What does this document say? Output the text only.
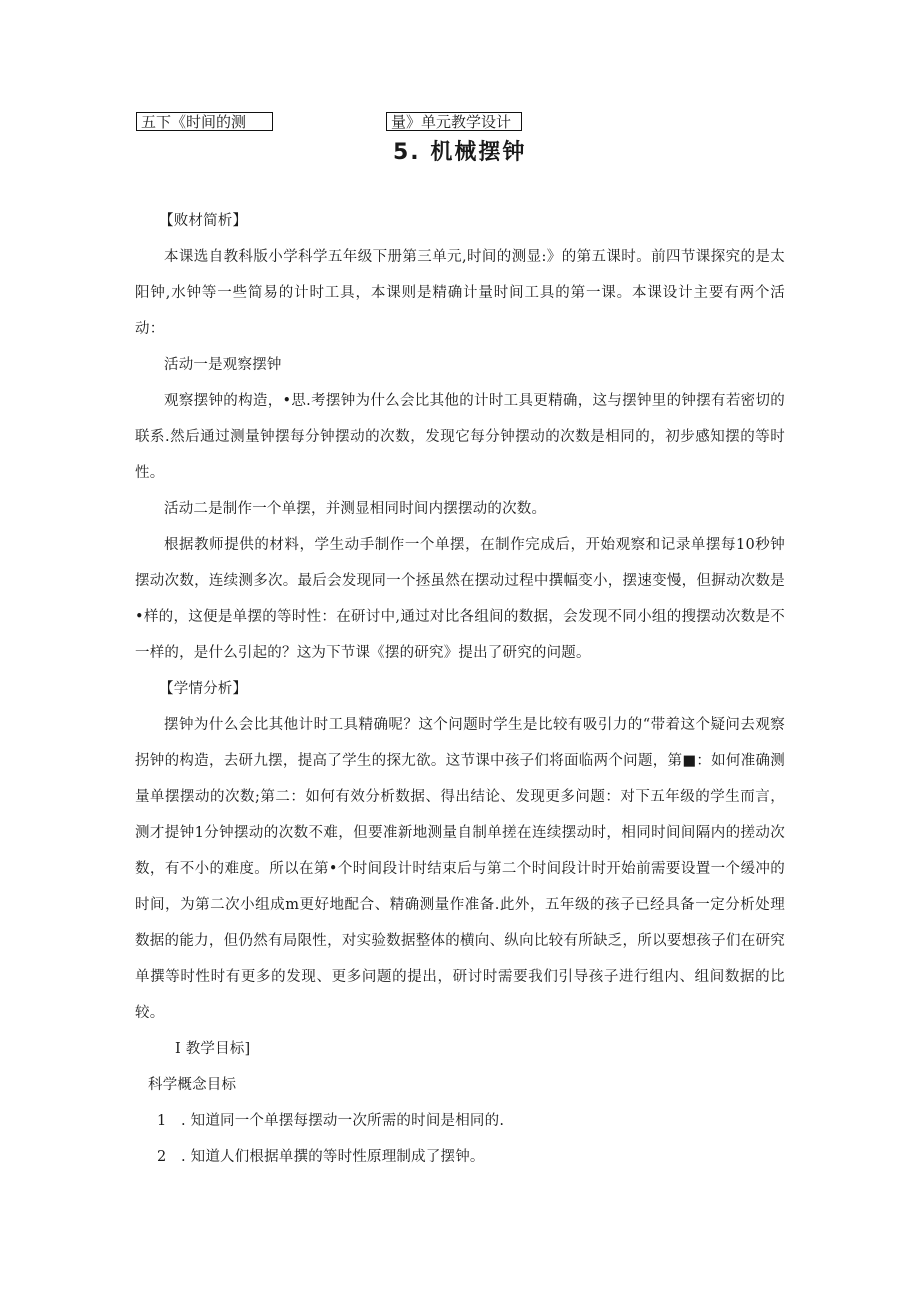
五下《时间的测	量》单元教学设计
5. 机械摆钟

【败材简析】

本课选自教科版小学科学五年级下册第三单元,时间的测显:》的第五课时。前四节课探究的是太阳钟,水钟等一些简易的计时工具，本课则是精确计量时间工具的第一课。本课设计主要有两个活动：

活动一是观察摆钟

观察摆钟的构造，•思.考摆钟为什么会比其他的计时工具更精确，这与摆钟里的钟摆有若密切的联系.然后通过测量钟摆每分钟摆动的次数，发现它每分钟摆动的次数是相同的，初步感知摆的等时性。

活动二是制作一个单摆，并测显相同时间内摆摆动的次数。

根据教师提供的材料，学生动手制作一个单摆，在制作完成后，开始观察和记录单摆每10秒钟摆动次数，连续测多次。最后会发现同一个拯虽然在摆动过程中撰幅变小，摆速变慢，但摒动次数是•样的，这便是单摆的等时性：在研讨中,通过对比各组间的数据，会发现不同小组的搜摆动次数是不一样的，是什么引起的？这为下节课《摆的研究》提出了研究的问题。

【学情分析】

摆钟为什么会比其他计时工具精确呢？这个问题时学生是比较有吸引力的“带着这个疑问去观察拐钟的构造，去研九摆，提高了学生的探尢欲。这节课中孩子们将面临两个问题，第■：如何准确测量单摆摆动的次数;第二：如何有效分析数据、得出结论、发现更多问题：对下五年级的学生而言，测才提钟1分钟摆动的次数不难，但要准新地测量自制单搓在连续摆动时，相同时间间隔内的搓动次数，有不小的难度。所以在第•个时间段计时结束后与第二个时间段计时开始前需要设置一个缓冲的时间，为第二次小组成m更好地配合、精确测量作准备.此外，五年级的孩子已经具备一定分析处理数据的能力，但仍然有局限性，对实验数据整体的横向、纵向比较有所缺乏，所以要想孩子们在研究单撰等时性时有更多的发现、更多问题的提出，研讨时需要我们引导孩子进行组内、组间数据的比较。

I 教学目标]

科学概念目标

1 . 知道同一个单摆每摆动一次所需的时间是相同的.

2 . 知道人们根据单撰的等时性原理制成了摆钟。
